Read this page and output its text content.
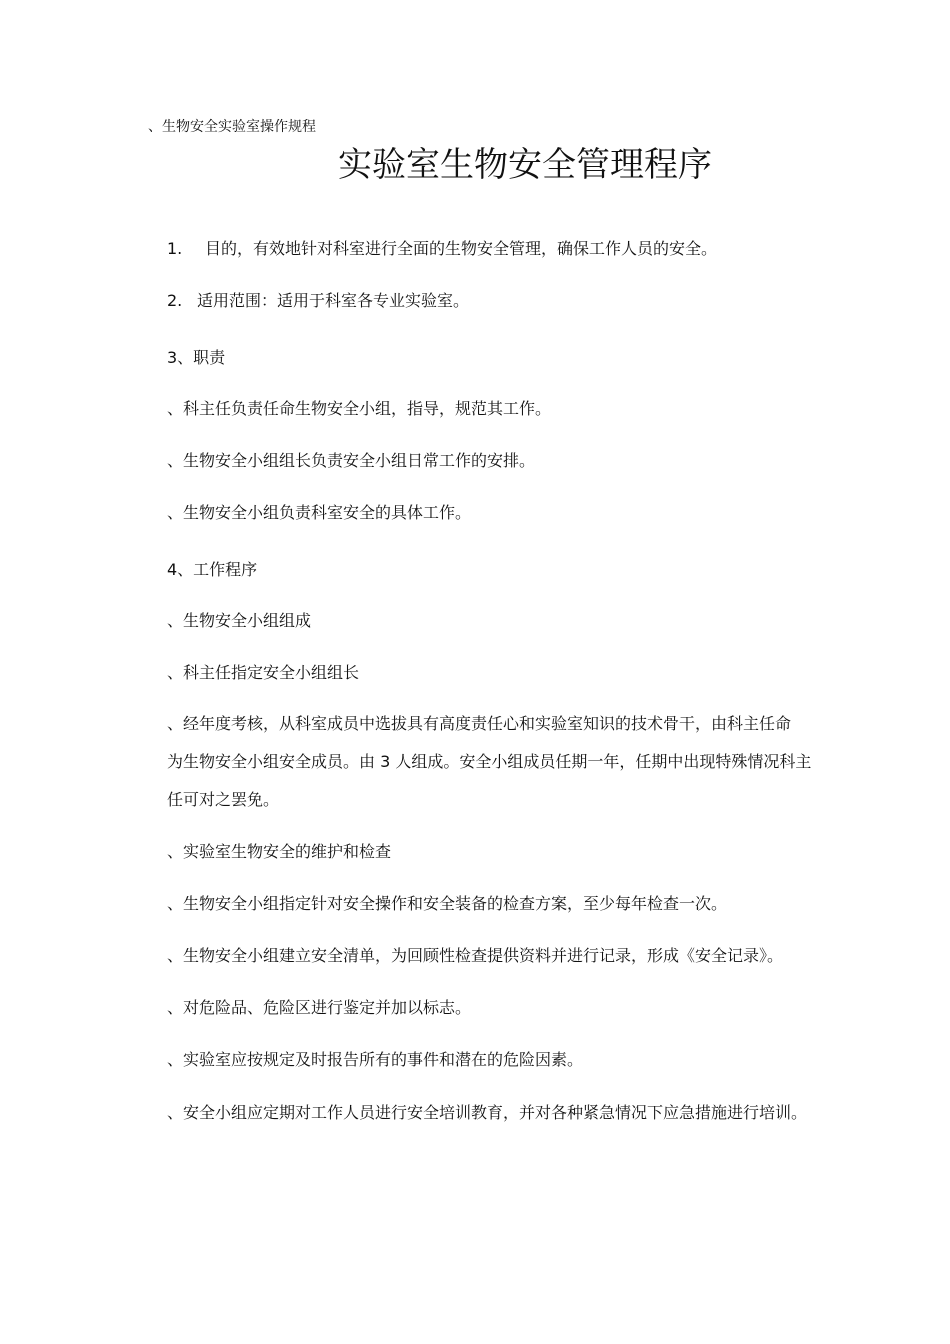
、生物安全实验室操作规程
实验室生物安全管理程序
1. 目的，有效地针对科室进行全面的生物安全管理，确保工作人员的安全。
2. 适用范围：适用于科室各专业实验室。
3、职责
、科主任负责任命生物安全小组，指导，规范其工作。
、生物安全小组组长负责安全小组日常工作的安排。
、生物安全小组负责科室安全的具体工作。
4、工作程序
、生物安全小组组成
、科主任指定安全小组组长
、经年度考核，从科室成员中选拔具有高度责任心和实验室知识的技术骨干，由科主任命
为生物安全小组安全成员。由 3 人组成。安全小组成员任期一年，任期中出现特殊情况科主
任可对之罢免。
、实验室生物安全的维护和检查
、生物安全小组指定针对安全操作和安全装备的检查方案，至少每年检查一次。
、生物安全小组建立安全清单，为回顾性检查提供资料并进行记录，形成《安全记录》。
、对危险品、危险区进行鉴定并加以标志。
、实验室应按规定及时报告所有的事件和潜在的危险因素。
、安全小组应定期对工作人员进行安全培训教育，并对各种紧急情况下应急措施进行培训。
